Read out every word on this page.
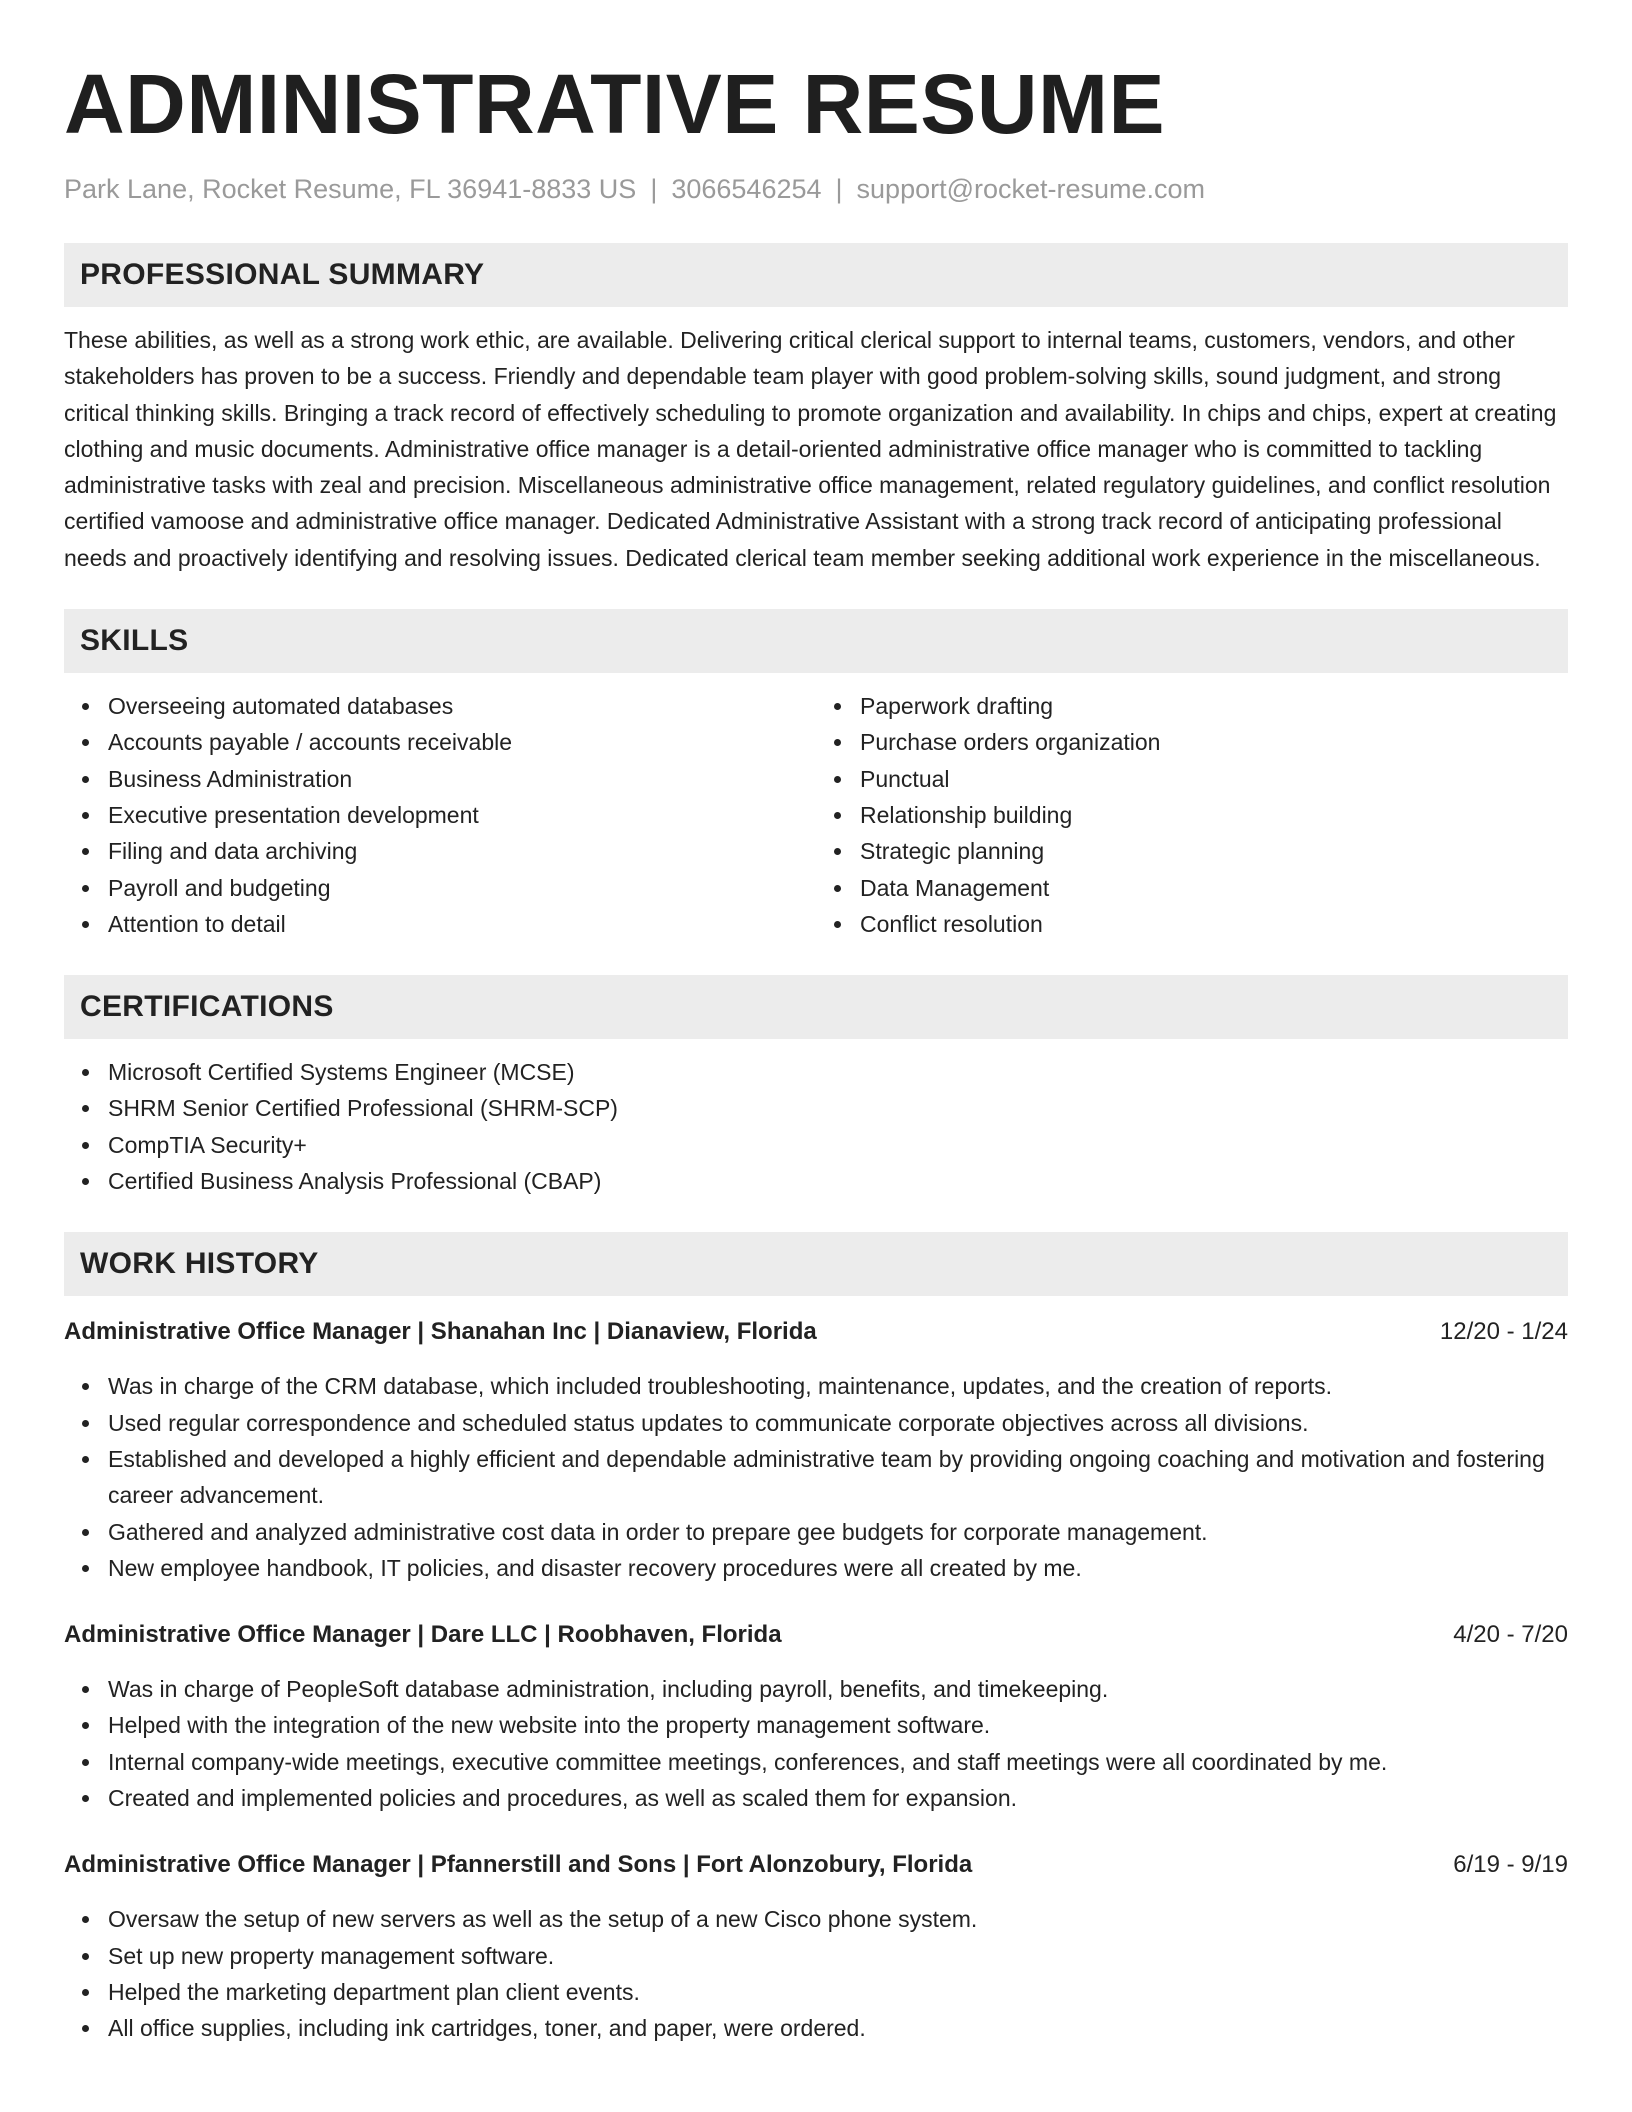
ADMINISTRATIVE RESUME
Park Lane, Rocket Resume, FL 36941-8833 US | 3066546254 | support@rocket-resume.com
PROFESSIONAL SUMMARY

These abilities, as well as a strong work ethic, are available. Delivering critical clerical support to internal teams, customers, vendors, and other stakeholders has proven to be a success. Friendly and dependable team player with good problem-solving skills, sound judgment, and strong critical thinking skills. Bringing a track record of effectively scheduling to promote organization and availability. In chips and chips, expert at creating clothing and music documents. Administrative office manager is a detail-oriented administrative office manager who is committed to tackling administrative tasks with zeal and precision. Miscellaneous administrative office management, related regulatory guidelines, and conflict resolution certified vamoose and administrative office manager. Dedicated Administrative Assistant with a strong track record of anticipating professional needs and proactively identifying and resolving issues. Dedicated clerical team member seeking additional work experience in the miscellaneous.

SKILLS
Overseeing automated databases
Accounts payable / accounts receivable
Business Administration
Executive presentation development
Filing and data archiving
Payroll and budgeting
Attention to detail
Paperwork drafting
Purchase orders organization
Punctual
Relationship building
Strategic planning
Data Management
Conflict resolution
CERTIFICATIONS
Microsoft Certified Systems Engineer (MCSE)
SHRM Senior Certified Professional (SHRM-SCP)
CompTIA Security+
Certified Business Analysis Professional (CBAP)
WORK HISTORY
Administrative Office Manager | Shanahan Inc | Dianaview, Florida	12/20 - 1/24
Was in charge of the CRM database, which included troubleshooting, maintenance, updates, and the creation of reports.
Used regular correspondence and scheduled status updates to communicate corporate objectives across all divisions.
Established and developed a highly efficient and dependable administrative team by providing ongoing coaching and motivation and fostering career advancement.
Gathered and analyzed administrative cost data in order to prepare gee budgets for corporate management.
New employee handbook, IT policies, and disaster recovery procedures were all created by me.
Administrative Office Manager | Dare LLC | Roobhaven, Florida	4/20 - 7/20
Was in charge of PeopleSoft database administration, including payroll, benefits, and timekeeping.
Helped with the integration of the new website into the property management software.
Internal company-wide meetings, executive committee meetings, conferences, and staff meetings were all coordinated by me.
Created and implemented policies and procedures, as well as scaled them for expansion.
Administrative Office Manager | Pfannerstill and Sons | Fort Alonzobury, Florida	6/19 - 9/19
Oversaw the setup of new servers as well as the setup of a new Cisco phone system.
Set up new property management software.
Helped the marketing department plan client events.
All office supplies, including ink cartridges, toner, and paper, were ordered.
